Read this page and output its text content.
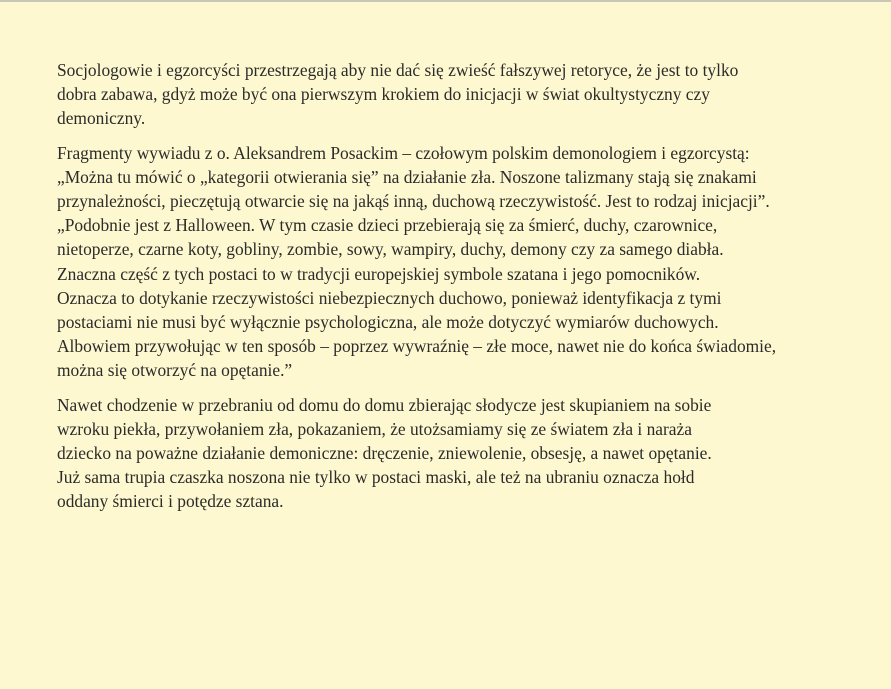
Socjologowie i egzorcyści przestrzegają aby nie dać się zwieść fałszywej retoryce, że jest to tylko
dobra zabawa, gdyż może być ona pierwszym krokiem do inicjacji w świat okultystyczny czy
demoniczny.

Fragmenty wywiadu z o. Aleksandrem Posackim – czołowym polskim demonologiem i egzorcystą:
„Można tu mówić o „kategorii otwierania się” na działanie zła. Noszone talizmany stają się znakami
przynależności, pieczętują otwarcie się na jakąś inną, duchową rzeczywistość. Jest to rodzaj inicjacji”.
„Podobnie jest z Halloween. W tym czasie dzieci przebierają się za śmierć, duchy, czarownice,
nietoperze, czarne koty, gobliny, zombie, sowy, wampiry, duchy, demony czy za samego diabła.
Znaczna część z tych postaci to w tradycji europejskiej symbole szatana i jego pomocników.
Oznacza to dotykanie rzeczywistości niebezpiecznych duchowo, ponieważ identyfikacja z tymi
postaciami nie musi być wyłącznie psychologiczna, ale może dotyczyć wymiarów duchowych.
Albowiem przywołując w ten sposób – poprzez wywraźnię – złe moce, nawet nie do końca świadomie,
można się otworzyć na opętanie.”

Nawet chodzenie w przebraniu od domu do domu zbierając słodycze jest skupianiem na sobie
wzroku piekła, przywołaniem zła, pokazaniem, że utożsamiamy się ze światem zła i naraża
dziecko na poważne działanie demoniczne: dręczenie, zniewolenie, obsesję, a nawet opętanie.
Już sama trupia czaszka noszona nie tylko w postaci maski, ale też na ubraniu oznacza hołd
oddany śmierci i potędze sztana.
